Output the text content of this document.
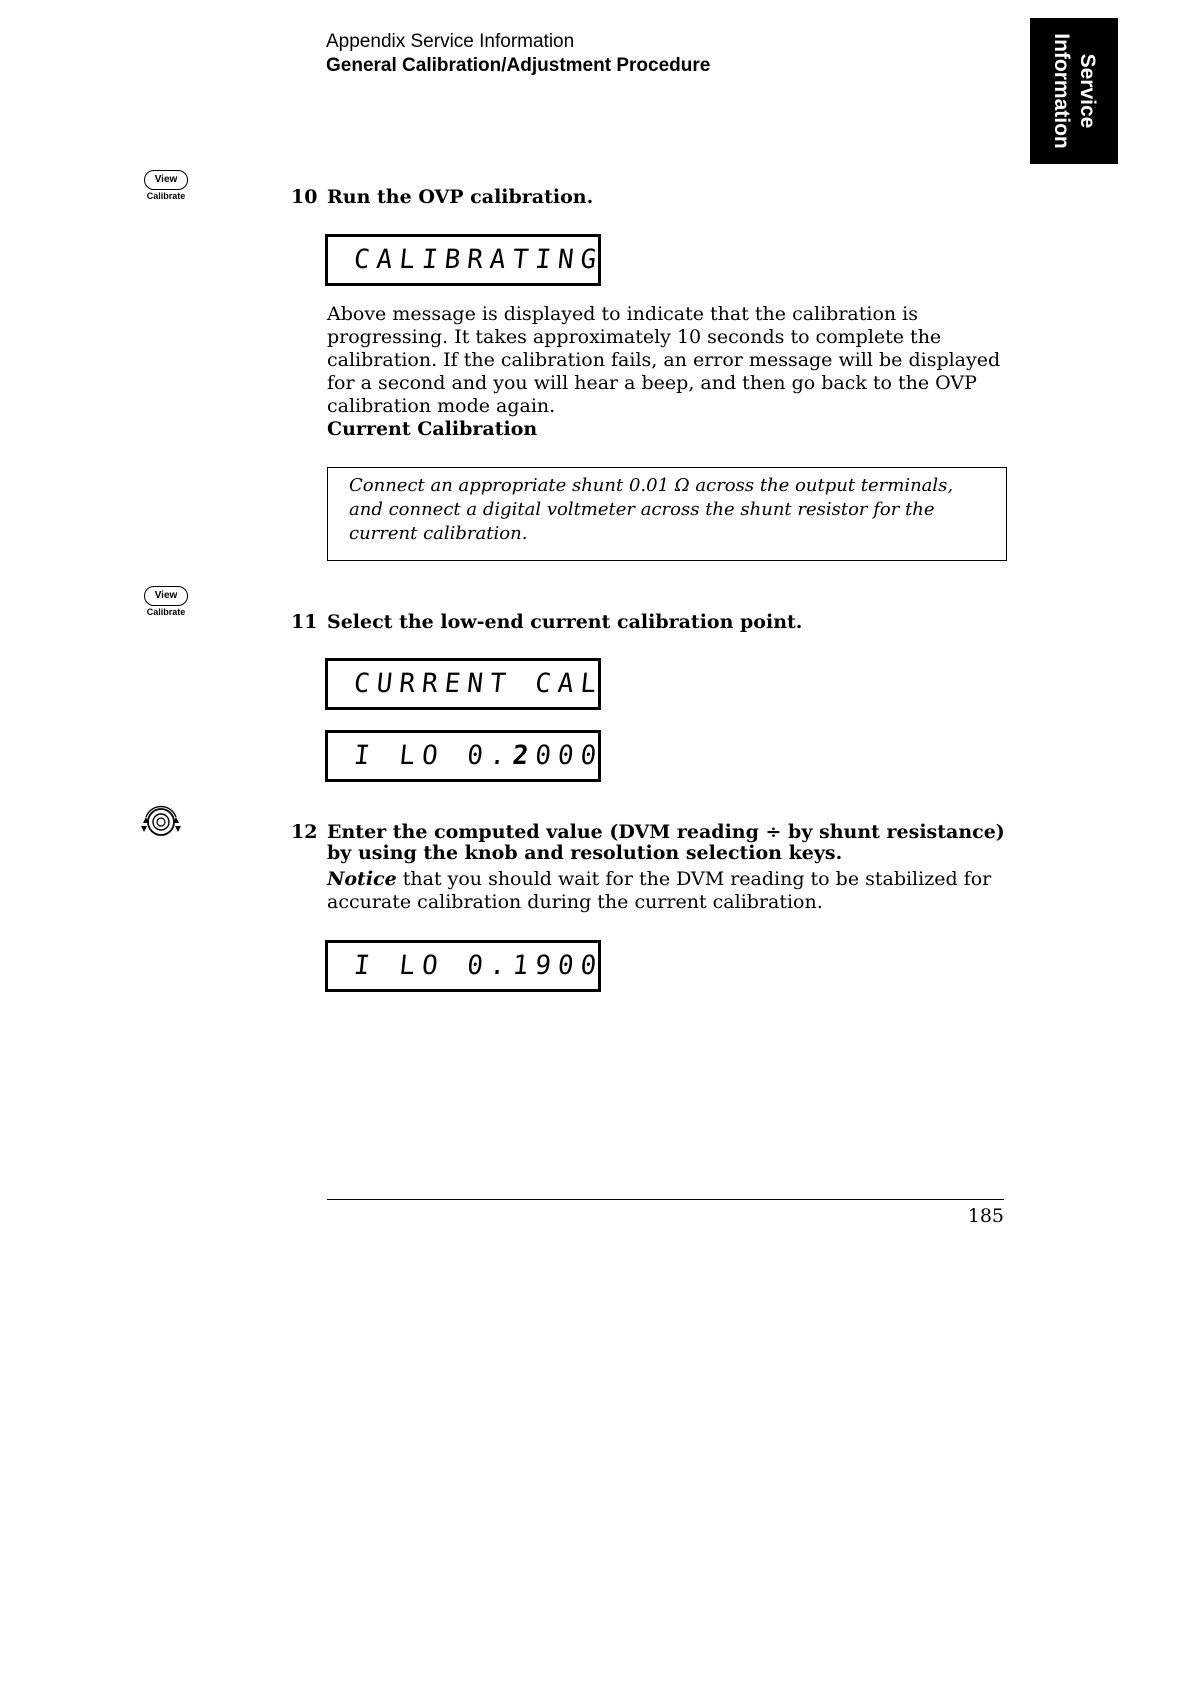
Appendix Service Information
General Calibration/Adjustment Procedure	Service
Information
View
Calibrate	10 Run the OVP calibration.
CALIBRATING
Above message is displayed to indicate that the calibration is progressing. It takes approximately 10 seconds to complete the calibration. If the calibration fails, an error message will be displayed for a second and you will hear a beep, and then go back to the OVP calibration mode again.
Current Calibration
Connect an appropriate shunt 0.01 Ω across the output terminals, and connect a digital voltmeter across the shunt resistor for the current calibration.
View
Calibrate	11 Select the low-end current calibration point.
CURRENT CAL
I LO 0.2000
12 Enter the computed value (DVM reading ÷ by shunt resistance) by using the knob and resolution selection keys.
Notice that you should wait for the DVM reading to be stabilized for accurate calibration during the current calibration.
I LO 0.1900
185
